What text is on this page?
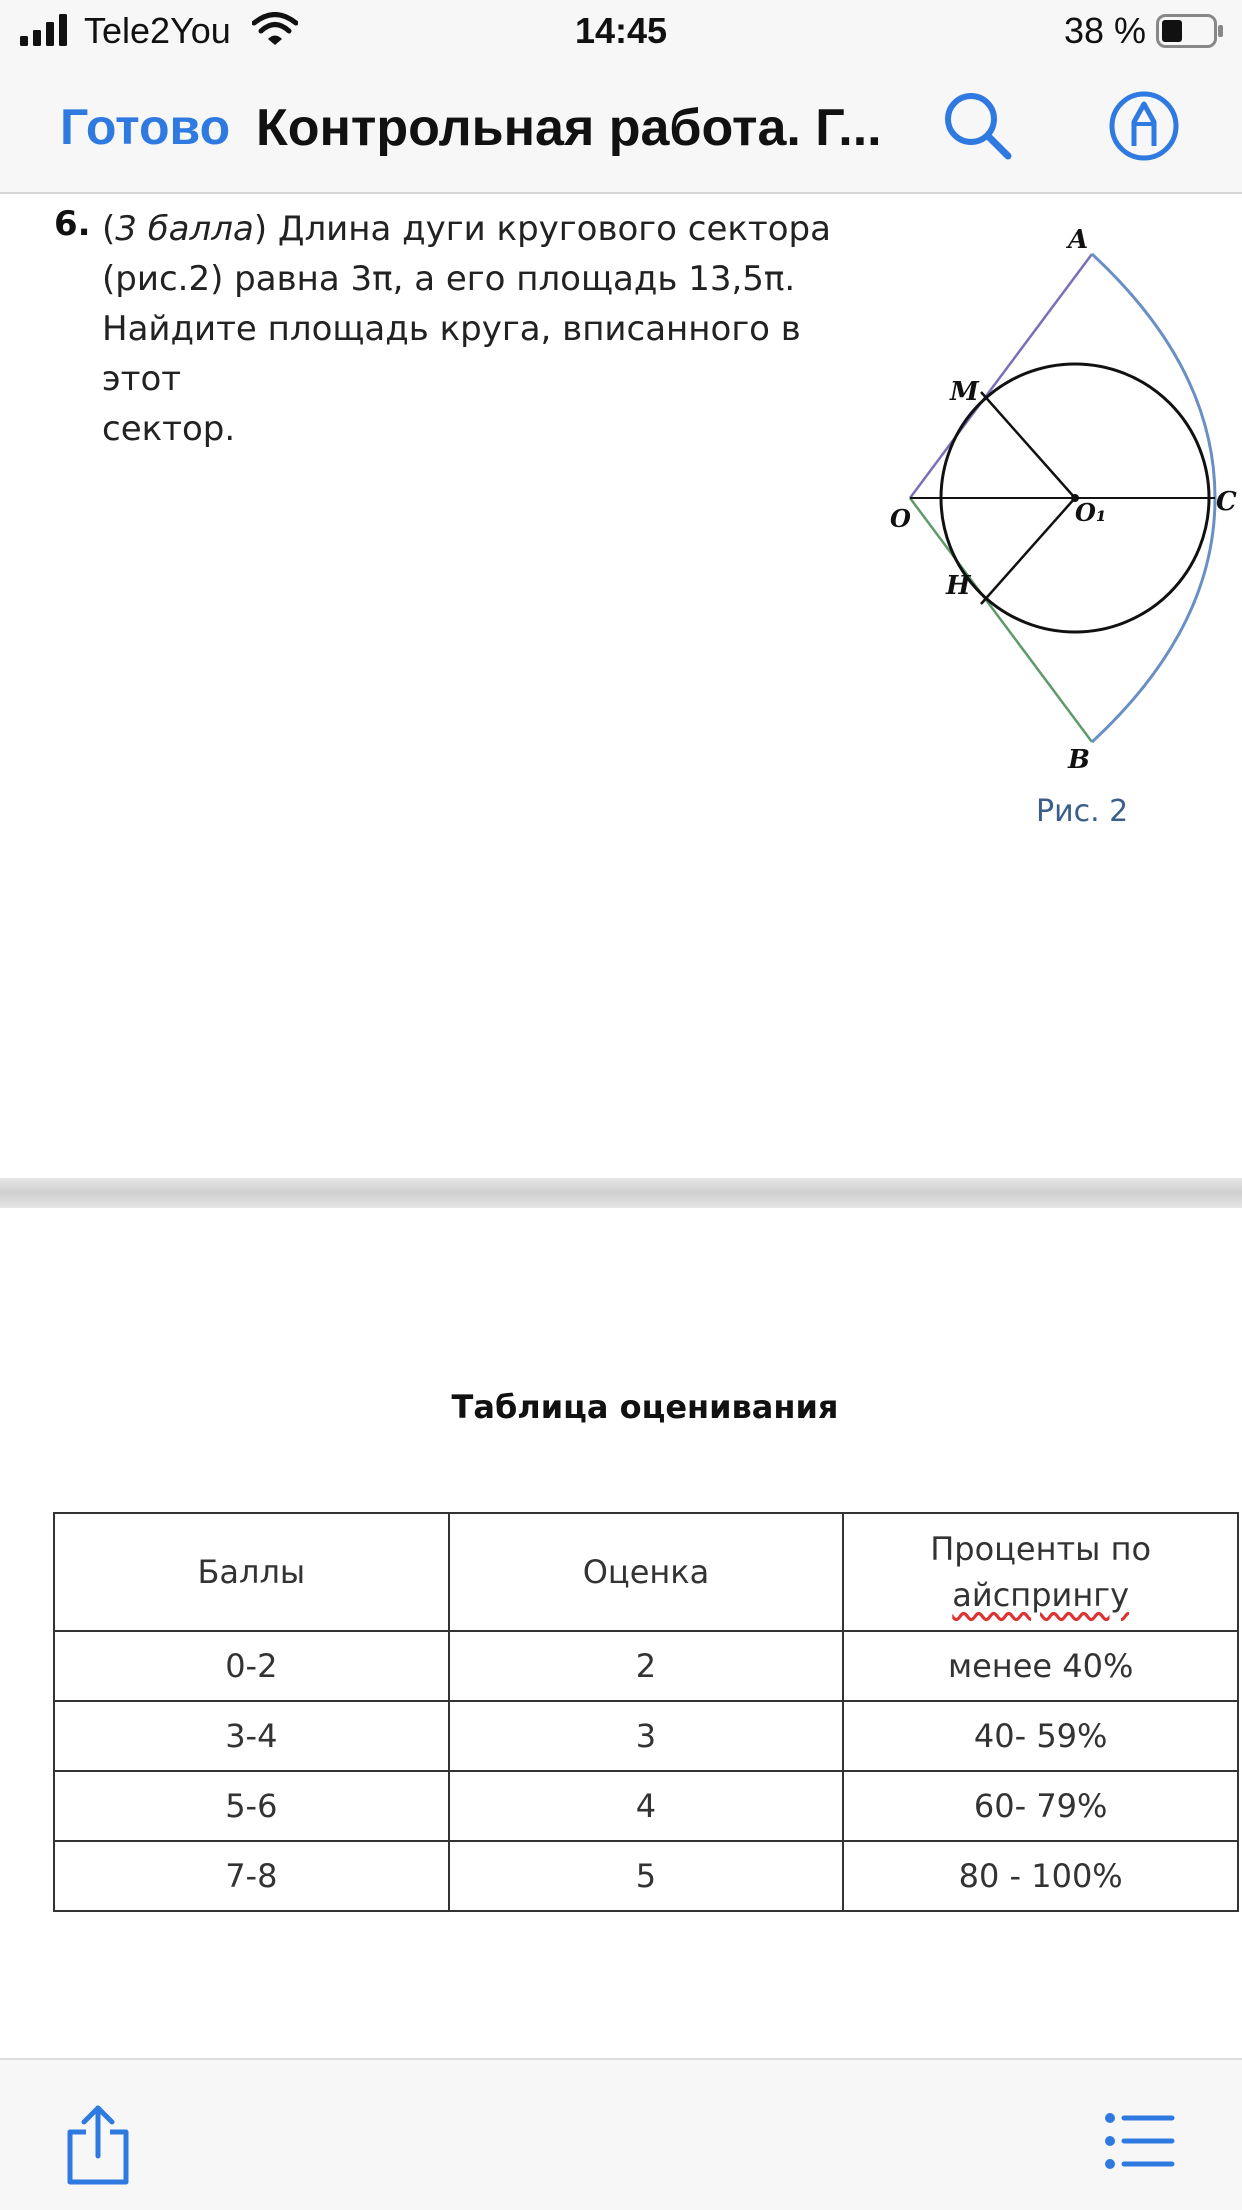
Tele2You	14:45	38 %
Готово Контрольная работа. Г...
6. (3 балла) Длина дуги кругового сектора

(рис.2) равна 3π, а его площадь 13,5π.

Найдите площадь круга, вписанного в этот

сектор.

A
M
O	O₁	C
H
B
Рис. 2
Таблица оценивания
Баллы	Оценка	Проценты по
айспрингу
0-2	2	менее 40%
3-4	3	40- 59%
5-6	4	60- 79%
7-8	5	80 - 100%
